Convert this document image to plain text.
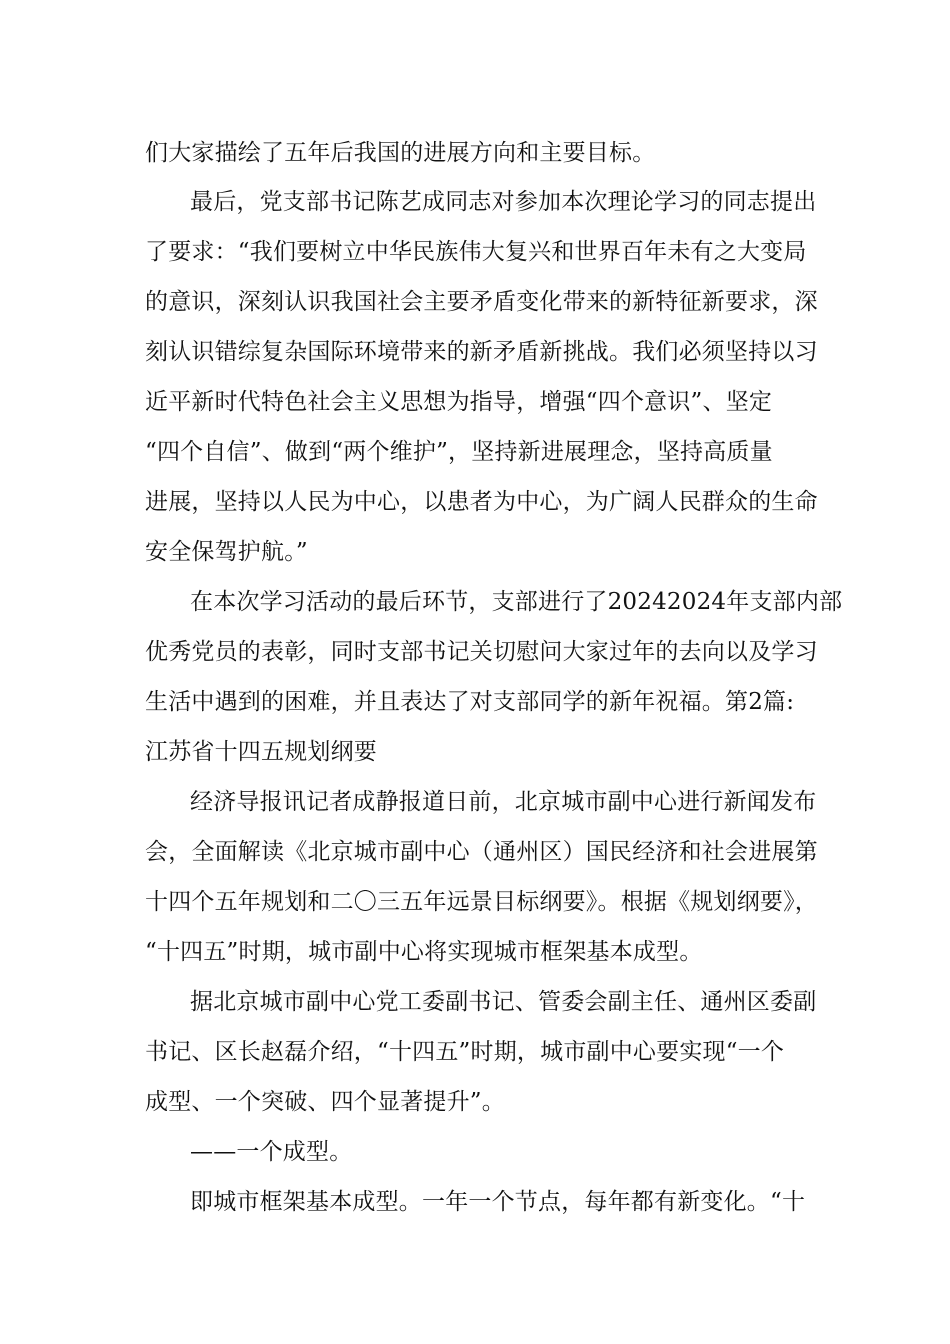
们大家描绘了五年后我国的进展方向和主要目标。
最后，党支部书记陈艺成同志对参加本次理论学习的同志提出
了要求：“我们要树立中华民族伟大复兴和世界百年未有之大变局
的意识，深刻认识我国社会主要矛盾变化带来的新特征新要求，深
刻认识错综复杂国际环境带来的新矛盾新挑战。我们必须坚持以习
近平新时代特色社会主义思想为指导，增强“四个意识”、坚定
“四个自信”、做到“两个维护”，坚持新进展理念，坚持高质量
进展，坚持以人民为中心，以患者为中心，为广阔人民群众的生命
安全保驾护航。”
在本次学习活动的最后环节，支部进行了20242024年支部内部
优秀党员的表彰，同时支部书记关切慰问大家过年的去向以及学习
生活中遇到的困难，并且表达了对支部同学的新年祝福。第2篇:
江苏省十四五规划纲要
经济导报讯记者成静报道日前，北京城市副中心进行新闻发布
会，全面解读《北京城市副中心（通州区）国民经济和社会进展第
十四个五年规划和二〇三五年远景目标纲要》。根据《规划纲要》，
“十四五”时期，城市副中心将实现城市框架基本成型。
据北京城市副中心党工委副书记、管委会副主任、通州区委副
书记、区长赵磊介绍，“十四五”时期，城市副中心要实现“一个
成型、一个突破、四个显著提升”。
——一个成型。
即城市框架基本成型。一年一个节点，每年都有新变化。“十
